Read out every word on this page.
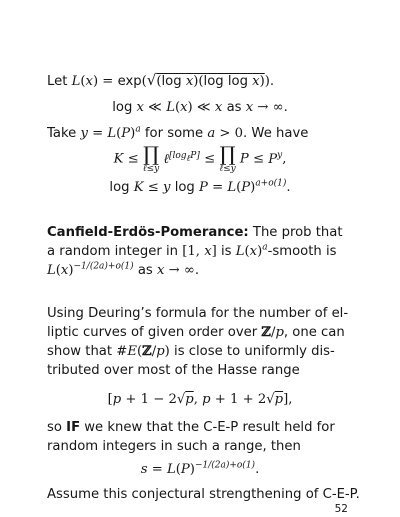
Let L(x) = exp(√(log x)(log log x)).
log x ≪ L(x) ≪ x as x → ∞.
Take $y = L(P)^a$ for some a > 0. We have
K ≤ ∏
ℓ≤y
ℓ[logℓP] ≤ ∏
ℓ≤y
$P \le P^y$,
log K ≤ y $\log P = L(P)^{a+o(1)}$.
Canfield-Erdös-Pomerance: The prob that
a random integer in [1, x] is $L(x)^a$-smooth is
$L(x)^{-1/(2a)+o(1)}$ as x → ∞.
Using Deuring’s formula for the number of el-
liptic curves of given order over ℤ/p, one can
show that #E(ℤ/p) is close to uniformly dis-
tributed over most of the Hasse range
[p + 1 − 2√p, p + 1 + 2√p],
so IF we knew that the C-E-P result held for
random integers in such a range, then
$s = L(P)^{-1/(2a)+o(1)}$.
Assume this conjectural strengthening of C-E-P.
52
